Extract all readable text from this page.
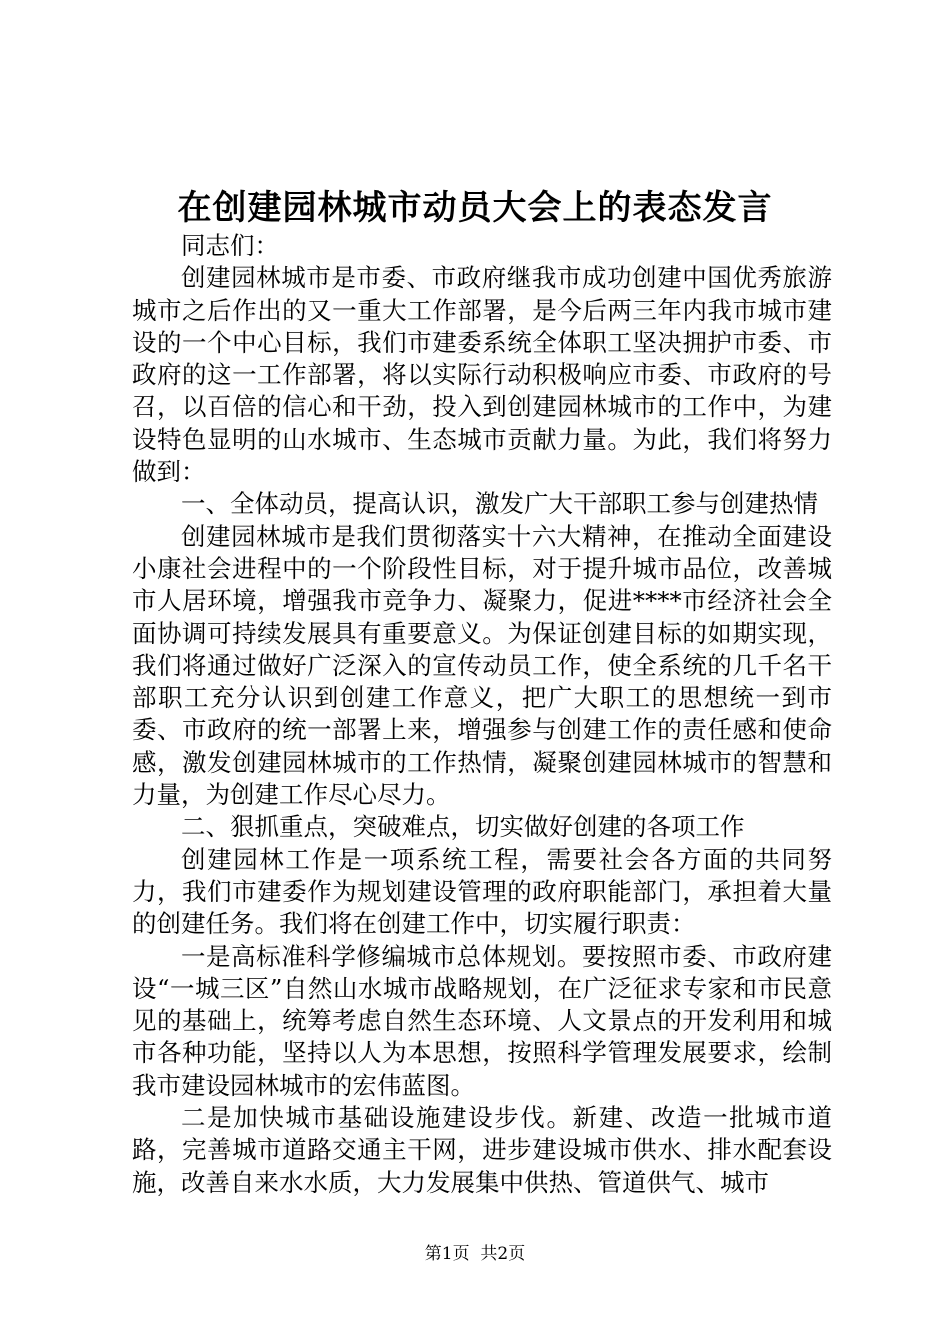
在创建园林城市动员大会上的表态发言

同志们：

创建园林城市是市委、市政府继我市成功创建中国优秀旅游城市之后作出的又一重大工作部署，是今后两三年内我市城市建设的一个中心目标，我们市建委系统全体职工坚决拥护市委、市政府的这一工作部署，将以实际行动积极响应市委、市政府的号召，以百倍的信心和干劲，投入到创建园林城市的工作中，为建设特色显明的山水城市、生态城市贡献力量。为此，我们将努力做到：

一、全体动员，提高认识，激发广大干部职工参与创建热情

创建园林城市是我们贯彻落实十六大精神，在推动全面建设小康社会进程中的一个阶段性目标，对于提升城市品位，改善城市人居环境，增强我市竞争力、凝聚力，促进****市经济社会全面协调可持续发展具有重要意义。为保证创建目标的如期实现，我们将通过做好广泛深入的宣传动员工作，使全系统的几千名干部职工充分认识到创建工作意义，把广大职工的思想统一到市委、市政府的统一部署上来，增强参与创建工作的责任感和使命感，激发创建园林城市的工作热情，凝聚创建园林城市的智慧和力量，为创建工作尽心尽力。

二、狠抓重点，突破难点，切实做好创建的各项工作

创建园林工作是一项系统工程，需要社会各方面的共同努力，我们市建委作为规划建设管理的政府职能部门，承担着大量的创建任务。我们将在创建工作中，切实履行职责：

一是高标准科学修编城市总体规划。要按照市委、市政府建设“一城三区”自然山水城市战略规划，在广泛征求专家和市民意见的基础上，统筹考虑自然生态环境、人文景点的开发利用和城市各种功能，坚持以人为本思想，按照科学管理发展要求，绘制我市建设园林城市的宏伟蓝图。

二是加快城市基础设施建设步伐。新建、改造一批城市道路，完善城市道路交通主干网，进步建设城市供水、排水配套设施，改善自来水水质，大力发展集中供热、管道供气、城市

第1页 共2页
